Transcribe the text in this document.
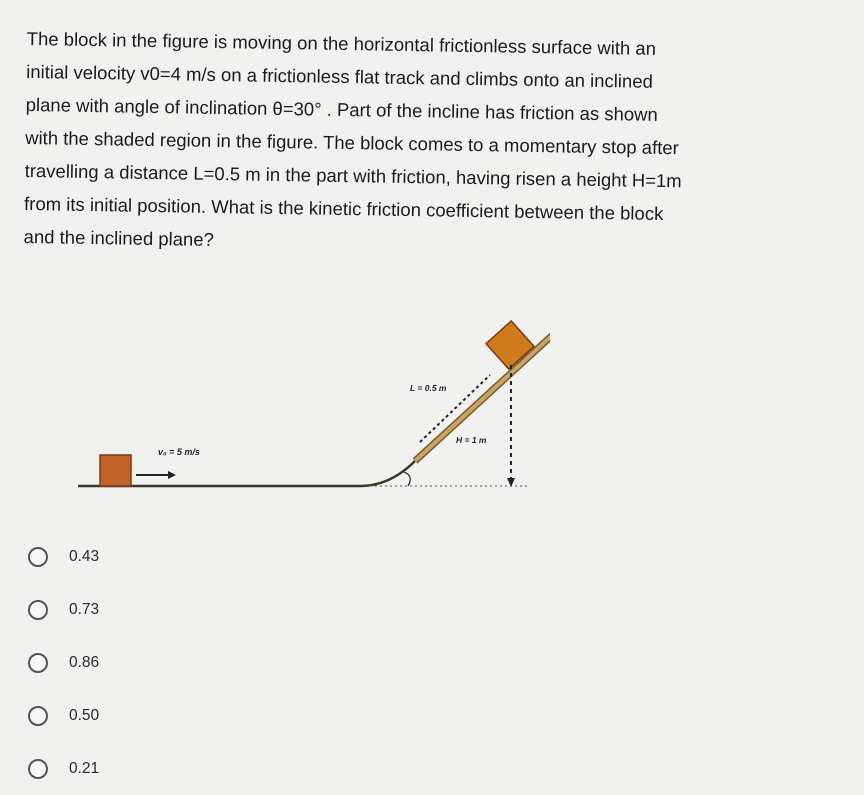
The block in the figure is moving on the horizontal frictionless surface with an
initial velocity v0=4 m/s on a frictionless flat track and climbs onto an inclined
plane with angle of inclination θ=30° . Part of the incline has friction as shown
with the shaded region in the figure. The block comes to a momentary stop after
travelling a distance L=0.5 m in the part with friction, having risen a height H=1m
from its initial position. What is the kinetic friction coefficient between the block
and the inclined plane?
v₀ = 5 m/s
L = 0.5 m
H = 1 m
0.43
0.73
0.86
0.50
0.21
